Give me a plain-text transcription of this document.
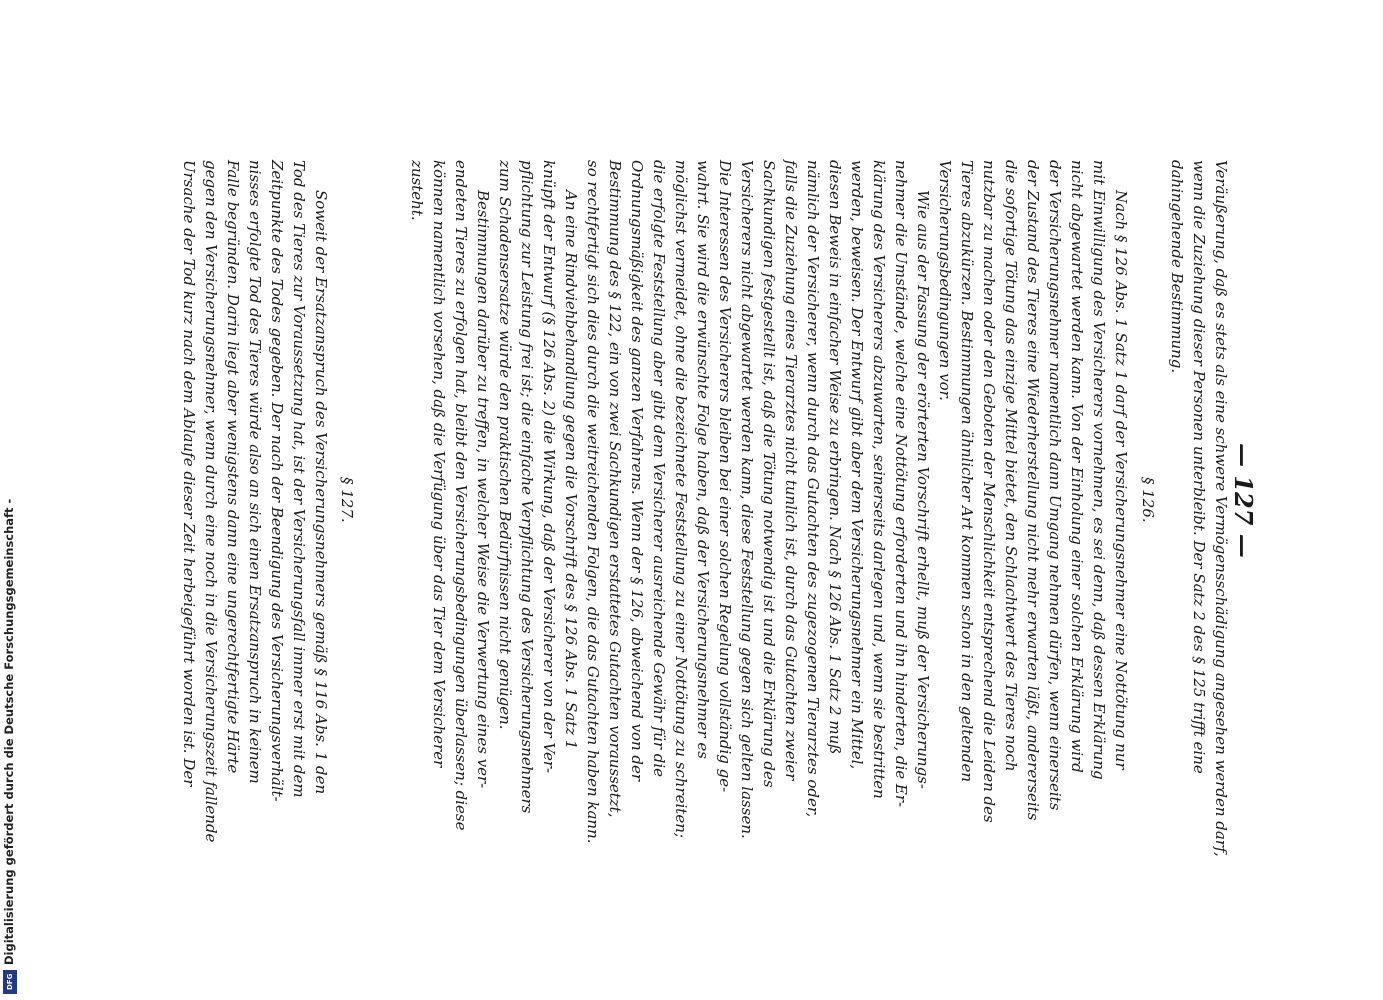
— 127 —
Veräußerung, daß es stets als eine schwere Vermögensschädigung angesehen werden darf,
wenn die Zuziehung dieser Personen unterbleibt. Der Satz 2 des § 125 trifft eine
dahingehende Bestimmung.
§ 126.
Nach § 126 Abs. 1 Satz 1 darf der Versicherungsnehmer eine Nottötung nur
mit Einwilligung des Versicherers vornehmen, es sei denn, daß dessen Erklärung
nicht abgewartet werden kann. Von der Einholung einer solchen Erklärung wird
der Versicherungsnehmer namentlich dann Umgang nehmen dürfen, wenn einerseits
der Zustand des Tieres eine Wiederherstellung nicht mehr erwarten läßt, andererseits
die sofortige Tötung das einzige Mittel bietet, den Schlachtwert des Tieres noch
nutzbar zu machen oder den Geboten der Menschlichkeit entsprechend die Leiden des
Tieres abzukürzen. Bestimmungen ähnlicher Art kommen schon in den geltenden
Versicherungsbedingungen vor.
Wie aus der Fassung der erörterten Vorschrift erhellt, muß der Versicherungs-
nehmer die Umstände, welche eine Nottötung erforderten und ihn hinderten, die Er-
klärung des Versicherers abzuwarten, seinerseits darlegen und, wenn sie bestritten
werden, beweisen. Der Entwurf gibt aber dem Versicherungsnehmer ein Mittel,
diesen Beweis in einfacher Weise zu erbringen. Nach § 126 Abs. 1 Satz 2 muß
nämlich der Versicherer, wenn durch das Gutachten des zugezogenen Tierarztes oder,
falls die Zuziehung eines Tierarztes nicht tunlich ist, durch das Gutachten zweier
Sachkundigen festgestellt ist, daß die Tötung notwendig ist und die Erklärung des
Versicherers nicht abgewartet werden kann, diese Feststellung gegen sich gelten lassen.
Die Interessen des Versicherers bleiben bei einer solchen Regelung vollständig ge-
wahrt. Sie wird die erwünschte Folge haben, daß der Versicherungsnehmer es
möglichst vermeidet, ohne die bezeichnete Feststellung zu einer Nottötung zu schreiten;
die erfolgte Feststellung aber gibt dem Versicherer ausreichende Gewähr für die
Ordnungsmäßigkeit des ganzen Verfahrens. Wenn der § 126, abweichend von der
Bestimmung des § 122, ein von zwei Sachkundigen erstattetes Gutachten voraussetzt,
so rechtfertigt sich dies durch die weitreichenden Folgen, die das Gutachten haben kann.
An eine Rindviehbehandlung gegen die Vorschrift des § 126 Abs. 1 Satz 1
knüpft der Entwurf (§ 126 Abs. 2) die Wirkung, daß der Versicherer von der Ver-
pflichtung zur Leistung frei ist; die einfache Verpflichtung des Versicherungsnehmers
zum Schadensersatze würde den praktischen Bedürfnissen nicht genügen.
Bestimmungen darüber zu treffen, in welcher Weise die Verwertung eines ver-
endeten Tieres zu erfolgen hat, bleibt den Versicherungsbedingungen überlassen; diese
können namentlich vorsehen, daß die Verfügung über das Tier dem Versicherer
zusteht.
§ 127.
Soweit der Ersatzanspruch des Versicherungsnehmers gemäß § 116 Abs. 1 den
Tod des Tieres zur Voraussetzung hat, ist der Versicherungsfall immer erst mit dem
Zeitpunkte des Todes gegeben. Der nach der Beendigung des Versicherungsverhält-
nisses erfolgte Tod des Tieres würde also an sich einen Ersatzanspruch in keinem
Falle begründen. Darin liegt aber wenigstens dann eine ungerechtfertigte Härte
gegen den Versicherungsnehmer, wenn durch eine noch in die Versicherungszeit fallende
Ursache der Tod kurz nach dem Ablaufe dieser Zeit herbeigeführt worden ist. Der
Digitalisierung gefördert durch die Deutsche Forschungsgemeinschaft -
DFG
